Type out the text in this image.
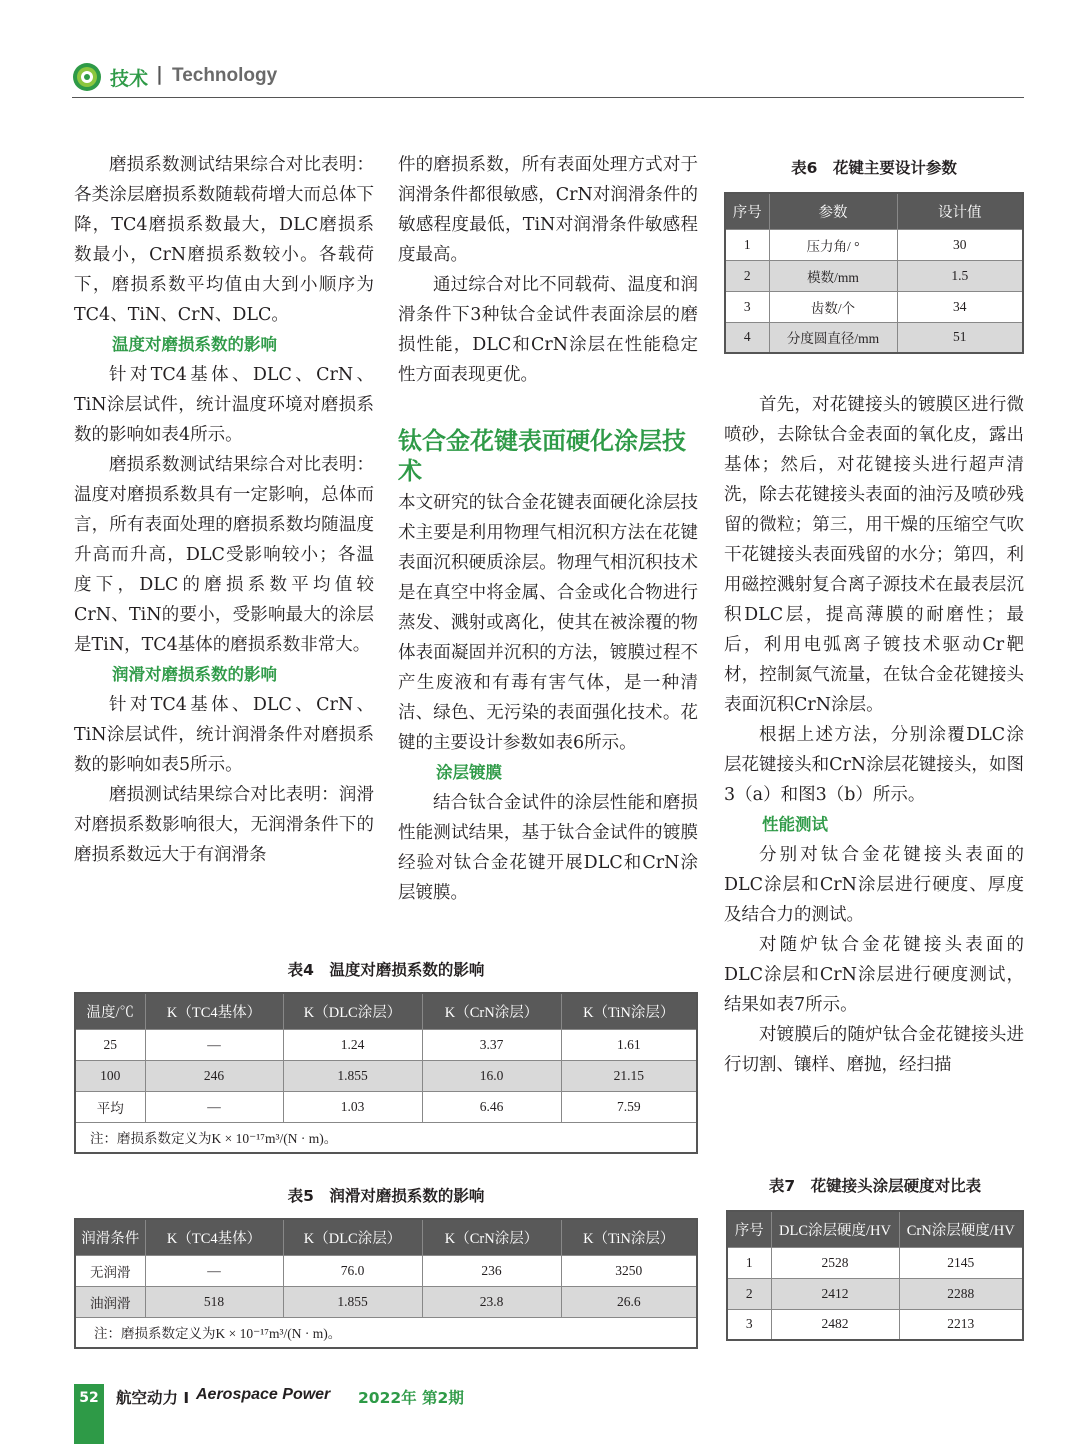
技术 | Technology

磨损系数测试结果综合对比表明：各类涂层磨损系数随载荷增大而总体下降，TC4磨损系数最大，DLC磨损系数最小，CrN磨损系数较小。各载荷下，磨损系数平均值由大到小顺序为TC4、TiN、CrN、DLC。

温度对磨损系数的影响

针对TC4基体、DLC、CrN、TiN涂层试件，统计温度环境对磨损系数的影响如表4所示。

磨损系数测试结果综合对比表明：温度对磨损系数具有一定影响，总体而言，所有表面处理的磨损系数均随温度升高而升高，DLC受影响较小；各温度下，DLC的磨损系数平均值较CrN、TiN的要小，受影响最大的涂层是TiN，TC4基体的磨损系数非常大。

润滑对磨损系数的影响

针对TC4基体、DLC、CrN、TiN涂层试件，统计润滑条件对磨损系数的影响如表5所示。

磨损测试结果综合对比表明：润滑对磨损系数影响很大，无润滑条件下的磨损系数远大于有润滑条

件的磨损系数，所有表面处理方式对于润滑条件都很敏感，CrN对润滑条件的敏感程度最低，TiN对润滑条件敏感程度最高。

通过综合对比不同载荷、温度和润滑条件下3种钛合金试件表面涂层的磨损性能，DLC和CrN涂层在性能稳定性方面表现更优。

钛合金花键表面硬化涂层技术

本文研究的钛合金花键表面硬化涂层技术主要是利用物理气相沉积方法在花键表面沉积硬质涂层。物理气相沉积技术是在真空中将金属、合金或化合物进行蒸发、溅射或离化，使其在被涂覆的物体表面凝固并沉积的方法，镀膜过程不产生废液和有毒有害气体，是一种清洁、绿色、无污染的表面强化技术。花键的主要设计参数如表6所示。

涂层镀膜

结合钛合金试件的涂层性能和磨损性能测试结果，基于钛合金试件的镀膜经验对钛合金花键开展DLC和CrN涂层镀膜。

首先，对花键接头的镀膜区进行微喷砂，去除钛合金表面的氧化皮，露出基体；然后，对花键接头进行超声清洗，除去花键接头表面的油污及喷砂残留的微粒；第三，用干燥的压缩空气吹干花键接头表面残留的水分；第四，利用磁控溅射复合离子源技术在最表层沉积DLC层，提高薄膜的耐磨性；最后，利用电弧离子镀技术驱动Cr靶材，控制氮气流量，在钛合金花键接头表面沉积CrN涂层。

根据上述方法，分别涂覆DLC涂层花键接头和CrN涂层花键接头，如图3（a）和图3（b）所示。

性能测试

分别对钛合金花键接头表面的DLC涂层和CrN涂层进行硬度、厚度及结合力的测试。

对随炉钛合金花键接头表面的DLC涂层和CrN涂层进行硬度测试，结果如表7所示。

对镀膜后的随炉钛合金花键接头进行切割、镶样、磨抛，经扫描

表6　花键主要设计参数
序号	参数	设计值
1	压力角/ °	30
2	模数/mm	1.5
3	齿数/个	34
4	分度圆直径/mm	51
表4　温度对磨损系数的影响
温度/℃	K（TC4基体）	K（DLC涂层）	K（CrN涂层）	K（TiN涂层）
25	—	1.24	3.37	1.61
100	246	1.855	16.0	21.15
平均	—	1.03	6.46	7.59
注：磨损系数定义为K × 10⁻¹⁷m³/(N · m)。				
表5　润滑对磨损系数的影响
润滑条件	K（TC4基体）	K（DLC涂层）	K（CrN涂层）	K（TiN涂层）
无润滑	—	76.0	236	3250
油润滑	518	1.855	23.8	26.6
注：磨损系数定义为K × 10⁻¹⁷m³/(N · m)。				
表7　花键接头涂层硬度对比表
序号	DLC涂层硬度/HV	CrN涂层硬度/HV
1	2528	2145
2	2412	2288
3	2482	2213
52	航空动力 I Aerospace Power 2022年 第2期
